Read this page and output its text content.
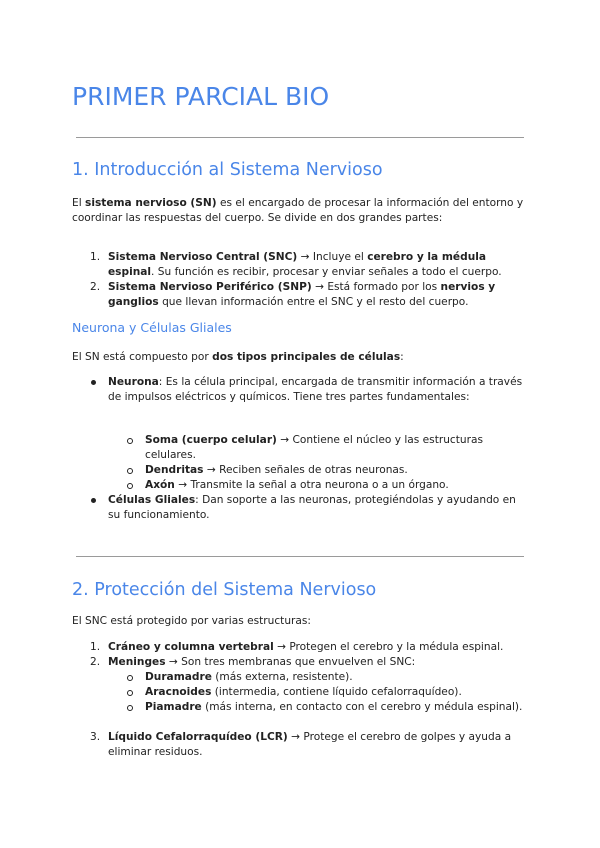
PRIMER PARCIAL BIO
1. Introducción al Sistema Nervioso
El sistema nervioso (SN) es el encargado de procesar la información del entorno y coordinar las respuestas del cuerpo. Se divide en dos grandes partes:
1. Sistema Nervioso Central (SNC) → Incluye el cerebro y la médula espinal. Su función es recibir, procesar y enviar señales a todo el cuerpo.
2. Sistema Nervioso Periférico (SNP) → Está formado por los nervios y ganglios que llevan información entre el SNC y el resto del cuerpo.
Neurona y Células Gliales
El SN está compuesto por dos tipos principales de células:
Neurona: Es la célula principal, encargada de transmitir información a través de impulsos eléctricos y químicos. Tiene tres partes fundamentales:
Soma (cuerpo celular) → Contiene el núcleo y las estructuras celulares.
Dendritas → Reciben señales de otras neuronas.
Axón → Transmite la señal a otra neurona o a un órgano.
Células Gliales: Dan soporte a las neuronas, protegiéndolas y ayudando en su funcionamiento.
2. Protección del Sistema Nervioso
El SNC está protegido por varias estructuras:
1. Cráneo y columna vertebral → Protegen el cerebro y la médula espinal.
2. Meninges → Son tres membranas que envuelven el SNC:
Duramadre (más externa, resistente).
Aracnoides (intermedia, contiene líquido cefalorraquídeo).
Piamadre (más interna, en contacto con el cerebro y médula espinal).
3. Líquido Cefalorraquídeo (LCR) → Protege el cerebro de golpes y ayuda a eliminar residuos.
